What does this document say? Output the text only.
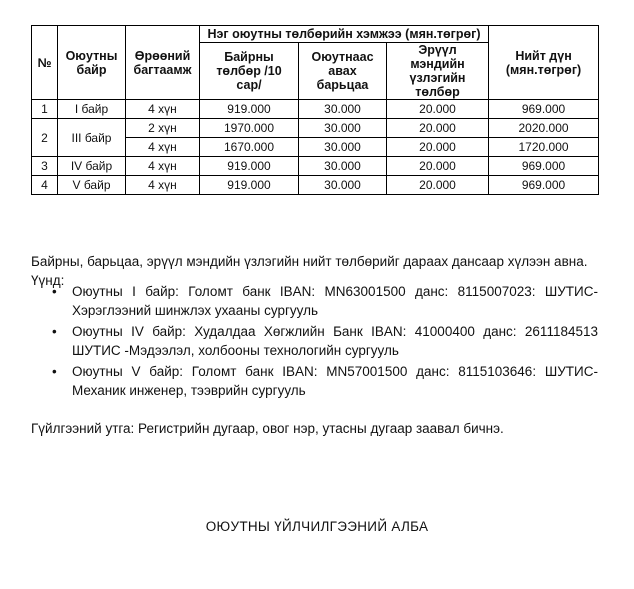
№	Оюутны байр	Өрөөний багтаамж	Нэг оюутны төлбөрийн хэмжээ (мян.төгрөг)			Нийт дүн (мян.төгрөг)
			Байрны төлбөр /10 сар/	Оюутнаас авах барьцаа	Эрүүл мэндийн үзлэгийн төлбөр	
1	I байр	4 хүн	919.000	30.000	20.000	969.000
2	III байр	2 хүн	1970.000	30.000	20.000	2020.000
		4 хүн	1670.000	30.000	20.000	1720.000
3	IV байр	4 хүн	919.000	30.000	20.000	969.000
4	V байр	4 хүн	919.000	30.000	20.000	969.000

Байрны, барьцаа, эрүүл мэндийн үзлэгийн нийт төлбөрийг дараах дансаар хүлээн авна. Үүнд:

• Оюутны I байр: Голомт банк IBAN: MN63001500 данс: 8115007023: ШУТИС- Хэрэглээний шинжлэх ухааны сургууль
• Оюутны IV байр: Худалдаа Хөгжлийн Банк IBAN: 41000400 данс: 2611184513 ШУТИС -Мэдээлэл, холбооны технологийн сургууль
• Оюутны V байр: Голомт банк IBAN: MN57001500 данс: 8115103646: ШУТИС- Механик инженер, тээврийн сургууль

Гүйлгээний утга: Регистрийн дугаар, овог нэр, утасны дугаар заавал бичнэ.

ОЮУТНЫ ҮЙЛЧИЛГЭЭНИЙ АЛБА
